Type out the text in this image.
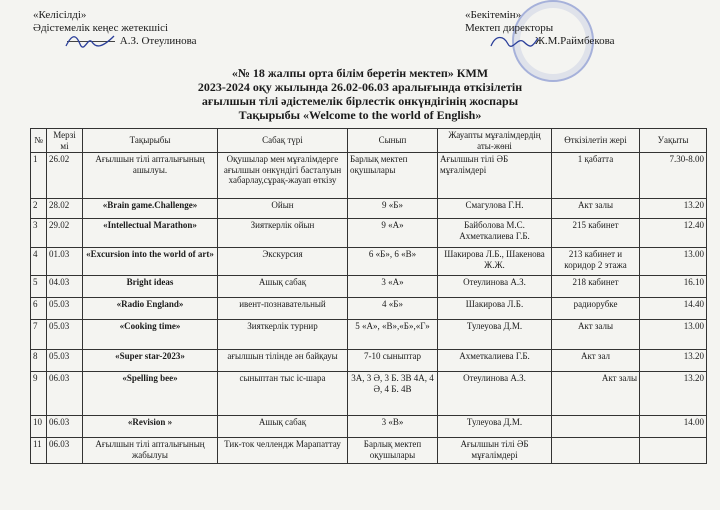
«Келісілді»
Әдістемелік кеңес жетекшісі
А.З. Отеулинова
«Бекітемін»
Мектеп директоры
Ж.М.Раймбекова
«№ 18 жалпы орта білім беретін мектеп» КММ
2023-2024 оқу жылында 26.02-06.03 аралығында өткізілетін
ағылшын тілі әдістемелік бірлестік онкүндігінің жоспары
Тақырыбы «Welcome to the world of English»
№	Мерзі мі	Тақырыбы	Сабақ түрі	Сынып	Жауапты мұғалімдердің аты-жөні	Өткізілетін жері	Уақыты
1	26.02	Ағылшын тілі апталығының ашылуы.	Оқушылар мен мұғалімдерге ағылшын онкүндігі басталуын хабарлау,сұрақ-жауап өткізу	Барлық мектеп оқушылары	Ағылшын тілі ӘБ мұғалімдері	1 қабатта	7.30-8.00
2	28.02	«Brain game.Challenge»	Ойын	9 «Б»	Смагулова Г.Н.	Акт залы	13.20
3	29.02	«Intellectual Marathon»	Зияткерлік ойын	9 «А»	Байболова М.С. Ахметкалиева Г.Б.	215 кабинет	12.40
4	01.03	«Excursion into the world of art»	Экскурсия	6 «Б», 6 «В»	Шакирова Л.Б., Шакенова Ж.Ж.	213 кабинет и коридор 2 этажа	13.00
5	04.03	Bright ideas	Ашық сабақ	3 «А»	Отеулинова А.З.	218 кабинет	16.10
6	05.03	«Radio England»	ивент-познавательный	4 «Б»	Шакирова Л.Б.	радиорубке	14.40
7	05.03	«Cooking time»	Зияткерлік турнир	5 «А», «В»,«Б»,«Г»	Тулеуова Д.М.	Акт залы	13.00
8	05.03	«Super star-2023»	ағылшын тілінде ән байқауы	7-10 сыныптар	Ахметкалиева Г.Б.	Акт зал	13.20
9	06.03	«Spelling bee»	сыныптан тыс іс-шара	3А, 3 Ә, 3 Б. 3В 4А, 4 Ә, 4 Б. 4В	Отеулинова А.З.	Акт залы	13.20
10	06.03	«Revision »	Ашық сабақ	3 «В»	Тулеуова Д.М.		14.00
11	06.03	Ағылшын тілі апталығының жабылуы	Тик-ток челлендж Марапаттау	Барлық мектеп оқушылары	Ағылшын тілі ӘБ мұғалімдері		
